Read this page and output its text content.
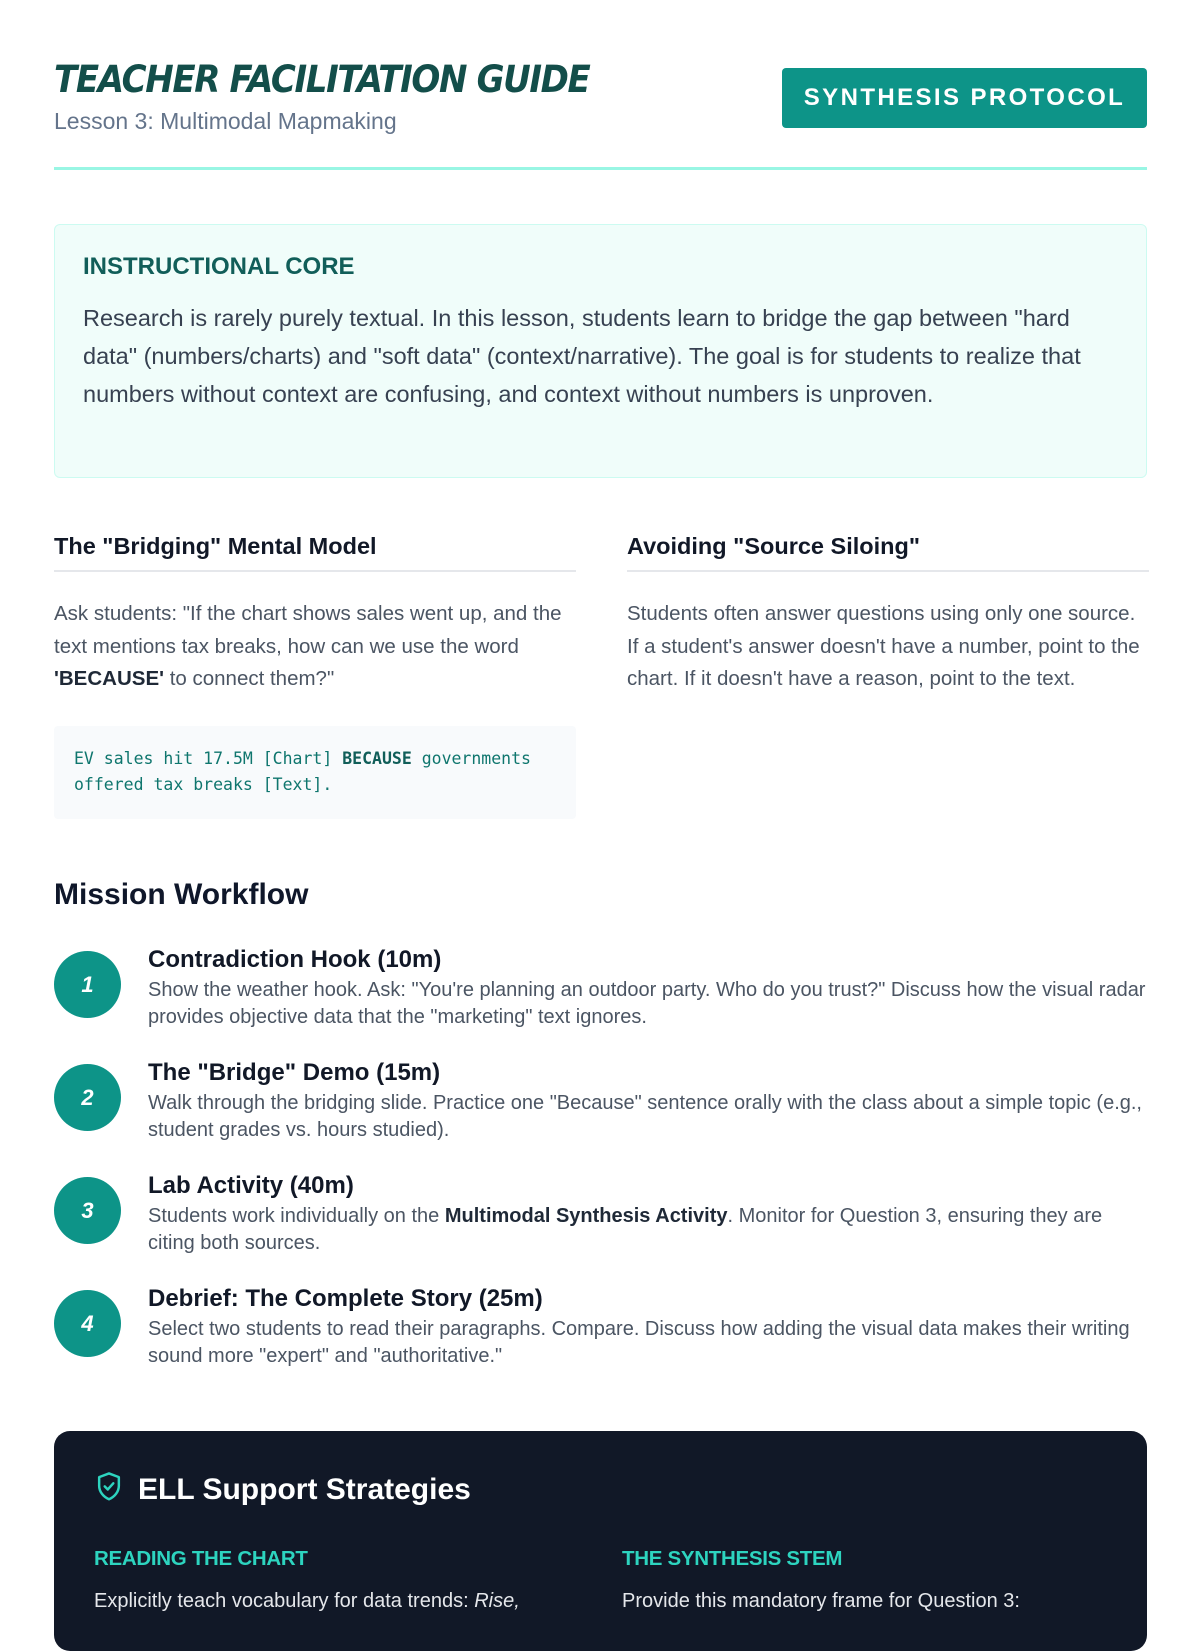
TEACHER FACILITATION GUIDE
Lesson 3: Multimodal Mapmaking
SYNTHESIS PROTOCOL
INSTRUCTIONAL CORE
Research is rarely purely textual. In this lesson, students learn to bridge the gap between "hard data" (numbers/charts) and "soft data" (context/narrative). The goal is for students to realize that numbers without context are confusing, and context without numbers is unproven.
The "Bridging" Mental Model
Ask students: "If the chart shows sales went up, and the text mentions tax breaks, how can we use the word 'BECAUSE' to connect them?"
EV sales hit 17.5M [Chart] BECAUSE governments offered tax breaks [Text].
Avoiding "Source Siloing"
Students often answer questions using only one source. If a student's answer doesn't have a number, point to the chart. If it doesn't have a reason, point to the text.
Mission Workflow
1
Contradiction Hook (10m)
Show the weather hook. Ask: "You're planning an outdoor party. Who do you trust?" Discuss how the visual radar provides objective data that the "marketing" text ignores.
2
The "Bridge" Demo (15m)
Walk through the bridging slide. Practice one "Because" sentence orally with the class about a simple topic (e.g., student grades vs. hours studied).
3
Lab Activity (40m)
Students work individually on the Multimodal Synthesis Activity. Monitor for Question 3, ensuring they are citing both sources.
4
Debrief: The Complete Story (25m)
Select two students to read their paragraphs. Compare. Discuss how adding the visual data makes their writing sound more "expert" and "authoritative."
ELL Support Strategies
READING THE CHART
Explicitly teach vocabulary for data trends: Rise,
THE SYNTHESIS STEM
Provide this mandatory frame for Question 3:
